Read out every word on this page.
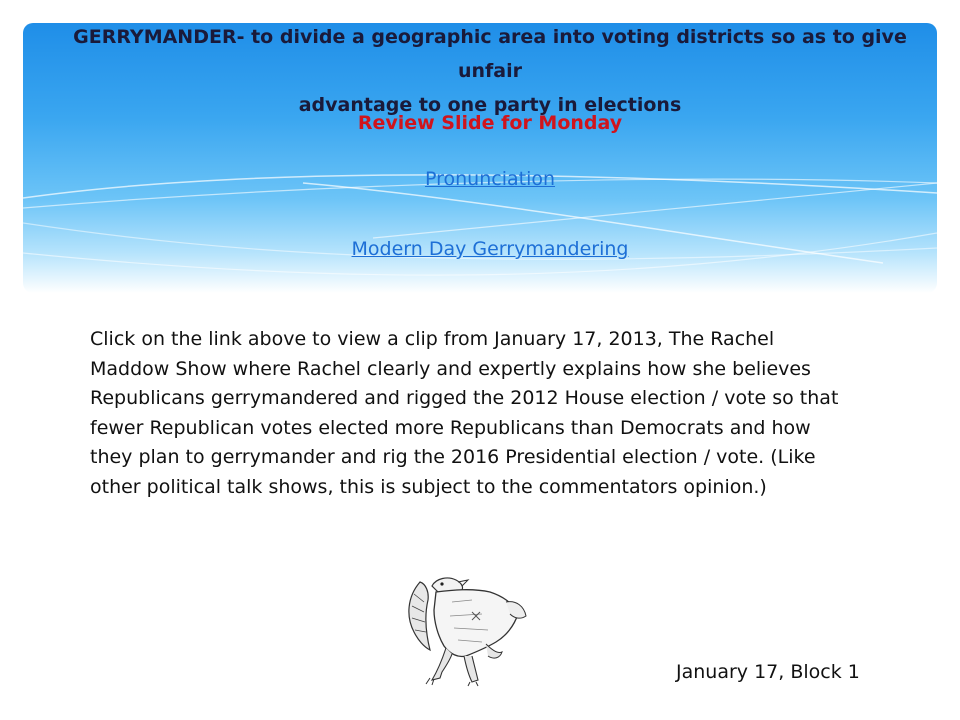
GERRYMANDER- to divide a geographic area into voting districts so as to give unfair
advantage to one party in elections
Review Slide for Monday
Pronunciation
Modern Day Gerrymandering
Click on the link above to view a clip from January 17, 2013, The Rachel
Maddow Show where Rachel clearly and expertly explains how she believes
Republicans gerrymandered and rigged the 2012 House election / vote so that
fewer Republican votes elected more Republicans than Democrats and how
they plan to gerrymander and rig the 2016 Presidential election / vote. (Like
other political talk shows, this is subject to the commentators opinion.)
January 17, Block 1
